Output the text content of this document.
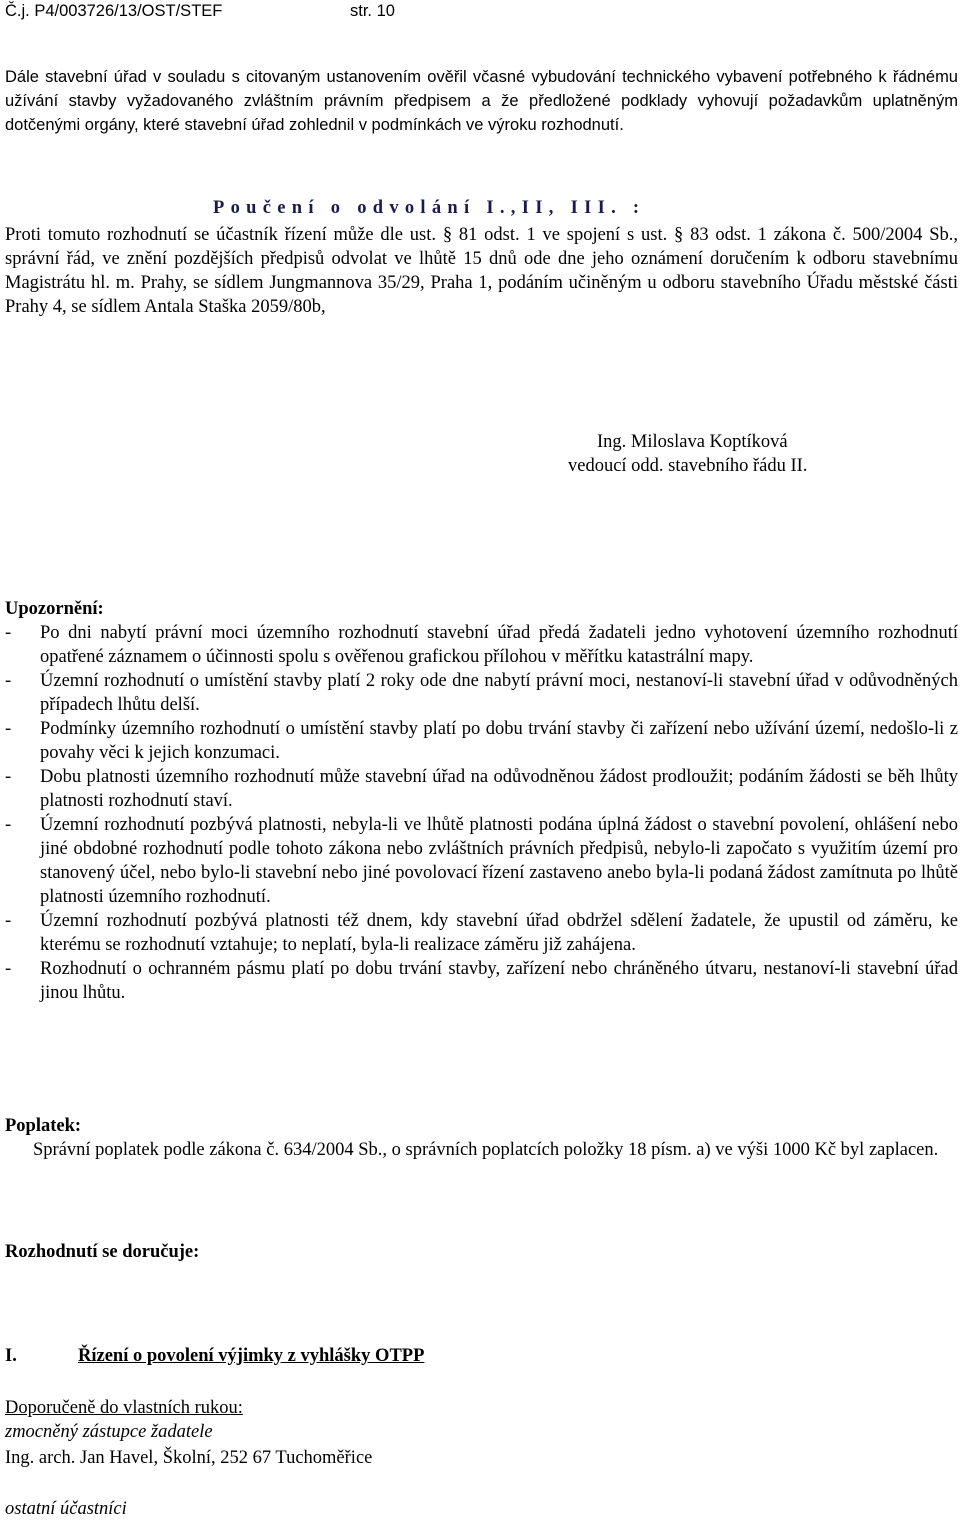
Č.j. P4/003726/13/OST/STEF	str. 10
Dále stavební úřad v souladu s citovaným ustanovením ověřil včasné vybudování technického vybavení potřebného k řádnému užívání stavby vyžadovaného zvláštním právním předpisem a že předložené podklady vyhovují požadavkům uplatněným dotčenými orgány, které stavební úřad zohlednil v podmínkách ve výroku rozhodnutí.
Poučení o odvolání I.,II, III. :
Proti tomuto rozhodnutí se účastník řízení může dle ust. § 81 odst. 1 ve spojení s ust. § 83 odst. 1 zákona č. 500/2004 Sb., správní řád, ve znění pozdějších předpisů odvolat ve lhůtě 15 dnů ode dne jeho oznámení doručením k odboru stavebnímu Magistrátu hl. m. Prahy, se sídlem Jungmannova 35/29, Praha 1, podáním učiněným u odboru stavebního Úřadu městské části Prahy 4, se sídlem Antala Staška 2059/80b,
Ing. Miloslava Koptíková
vedoucí odd. stavebního řádu II.
Upozornění:
- Po dni nabytí právní moci územního rozhodnutí stavební úřad předá žadateli jedno vyhotovení územního rozhodnutí opatřené záznamem o účinnosti spolu s ověřenou grafickou přílohou v měřítku katastrální mapy.
- Územní rozhodnutí o umístění stavby platí 2 roky ode dne nabytí právní moci, nestanoví-li stavební úřad v odůvodněných případech lhůtu delší.
- Podmínky územního rozhodnutí o umístění stavby platí po dobu trvání stavby či zařízení nebo užívání území, nedošlo-li z povahy věci k jejich konzumaci.
- Dobu platnosti územního rozhodnutí může stavební úřad na odůvodněnou žádost prodloužit; podáním žádosti se běh lhůty platnosti rozhodnutí staví.
- Územní rozhodnutí pozbývá platnosti, nebyla-li ve lhůtě platnosti podána úplná žádost o stavební povolení, ohlášení nebo jiné obdobné rozhodnutí podle tohoto zákona nebo zvláštních právních předpisů, nebylo-li započato s využitím území pro stanovený účel, nebo bylo-li stavební nebo jiné povolovací řízení zastaveno anebo byla-li podaná žádost zamítnuta po lhůtě platnosti územního rozhodnutí.
- Územní rozhodnutí pozbývá platnosti též dnem, kdy stavební úřad obdržel sdělení žadatele, že upustil od záměru, ke kterému se rozhodnutí vztahuje; to neplatí, byla-li realizace záměru již zahájena.
- Rozhodnutí o ochranném pásmu platí po dobu trvání stavby, zařízení nebo chráněného útvaru, nestanoví-li stavební úřad jinou lhůtu.
Poplatek:
Správní poplatek podle zákona č. 634/2004 Sb., o správních poplatcích položky 18 písm. a) ve výši 1000 Kč byl zaplacen.
Rozhodnutí se doručuje:
I.	Řízení o povolení výjimky z vyhlášky OTPP
Doporučeně do vlastních rukou:
zmocněný zástupce žadatele
Ing. arch. Jan Havel, Školní, 252 67 Tuchoměřice
ostatní účastníci
